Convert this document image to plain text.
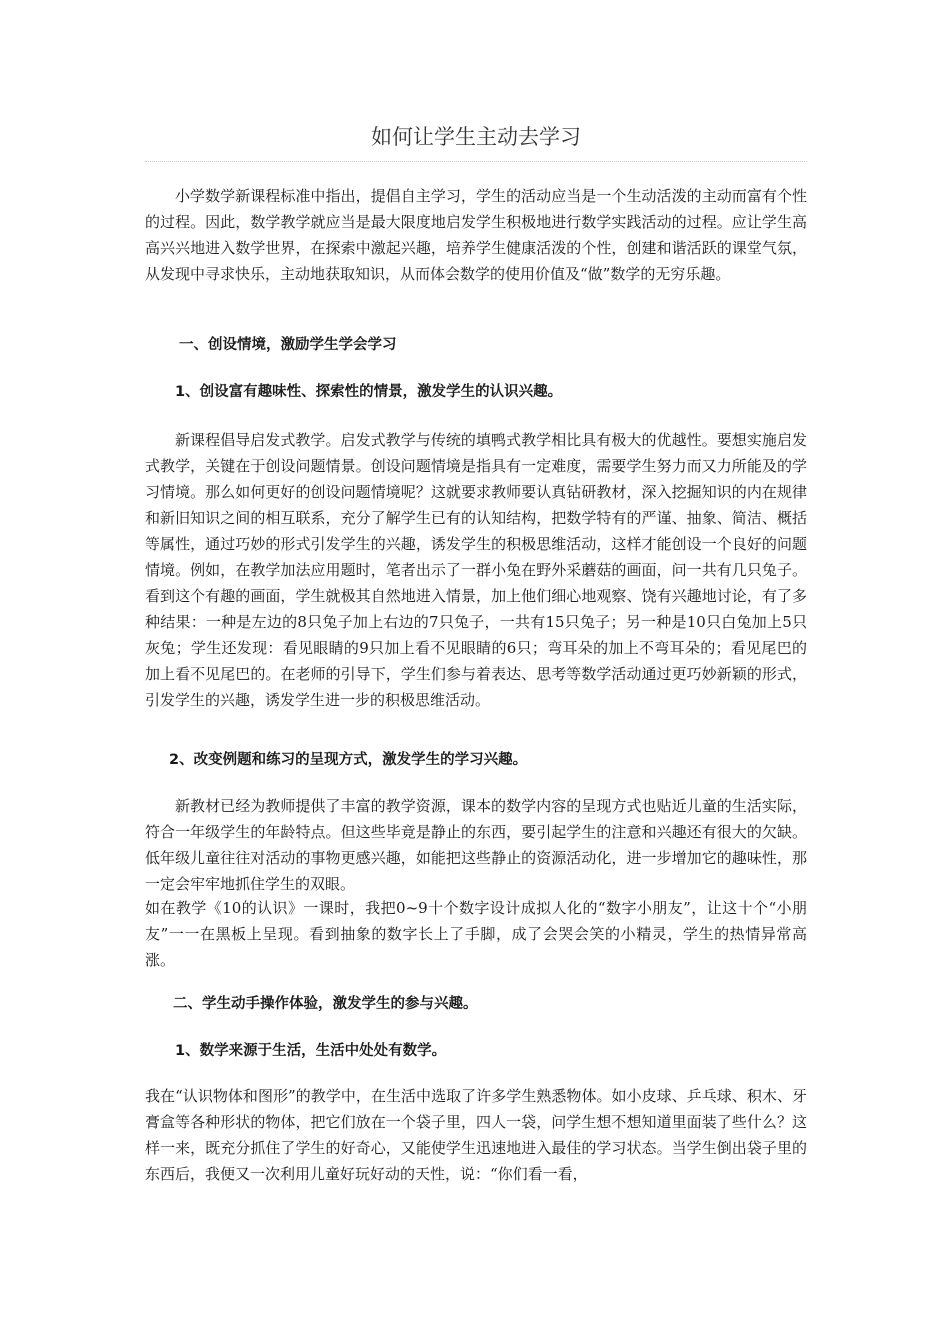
如何让学生主动去学习

小学数学新课程标准中指出，提倡自主学习，学生的活动应当是一个生动活泼的主动而富有个性的过程。因此，数学教学就应当是最大限度地启发学生积极地进行数学实践活动的过程。应让学生高高兴兴地进入数学世界，在探索中激起兴趣，培养学生健康活泼的个性，创建和谐活跃的课堂气氛，从发现中寻求快乐，主动地获取知识，从而体会数学的使用价值及“做”数学的无穷乐趣。

一、创设情境，激励学生学会学习
1、创设富有趣味性、探索性的情景，激发学生的认识兴趣。

新课程倡导启发式教学。启发式教学与传统的填鸭式教学相比具有极大的优越性。要想实施启发式教学，关键在于创设问题情景。创设问题情境是指具有一定难度，需要学生努力而又力所能及的学习情境。那么如何更好的创设问题情境呢？这就要求教师要认真钻研教材，深入挖掘知识的内在规律和新旧知识之间的相互联系，充分了解学生已有的认知结构，把数学特有的严谨、抽象、简洁、概括等属性，通过巧妙的形式引发学生的兴趣，诱发学生的积极思维活动，这样才能创设一个良好的问题情境。例如，在教学加法应用题时，笔者出示了一群小兔在野外采蘑菇的画面，问一共有几只兔子。看到这个有趣的画面，学生就极其自然地进入情景，加上他们细心地观察、饶有兴趣地讨论，有了多种结果：一种是左边的8只兔子加上右边的7只兔子，一共有15只兔子；另一种是10只白兔加上5只灰兔；学生还发现：看见眼睛的9只加上看不见眼睛的6只；弯耳朵的加上不弯耳朵的；看见尾巴的加上看不见尾巴的。在老师的引导下，学生们参与着表达、思考等数学活动通过更巧妙新颖的形式，引发学生的兴趣，诱发学生进一步的积极思维活动。

2、改变例题和练习的呈现方式，激发学生的学习兴趣。

新教材已经为教师提供了丰富的教学资源，课本的数学内容的呈现方式也贴近儿童的生活实际，符合一年级学生的年龄特点。但这些毕竟是静止的东西，要引起学生的注意和兴趣还有很大的欠缺。低年级儿童往往对活动的事物更感兴趣，如能把这些静止的资源活动化，进一步增加它的趣味性，那一定会牢牢地抓住学生的双眼。

如在教学《10的认识》一课时，我把0~9十个数字设计成拟人化的“数字小朋友”，让这十个“小朋友”一一在黑板上呈现。看到抽象的数字长上了手脚，成了会哭会笑的小精灵，学生的热情异常高涨。

二、学生动手操作体验，激发学生的参与兴趣。
1、数学来源于生活，生活中处处有数学。

我在“认识物体和图形”的教学中，在生活中选取了许多学生熟悉物体。如小皮球、乒乓球、积木、牙膏盒等各种形状的物体，把它们放在一个袋子里，四人一袋，问学生想不想知道里面装了些什么？这样一来，既充分抓住了学生的好奇心，又能使学生迅速地进入最佳的学习状态。当学生倒出袋子里的东西后，我便又一次利用儿童好玩好动的天性，说：“你们看一看，
